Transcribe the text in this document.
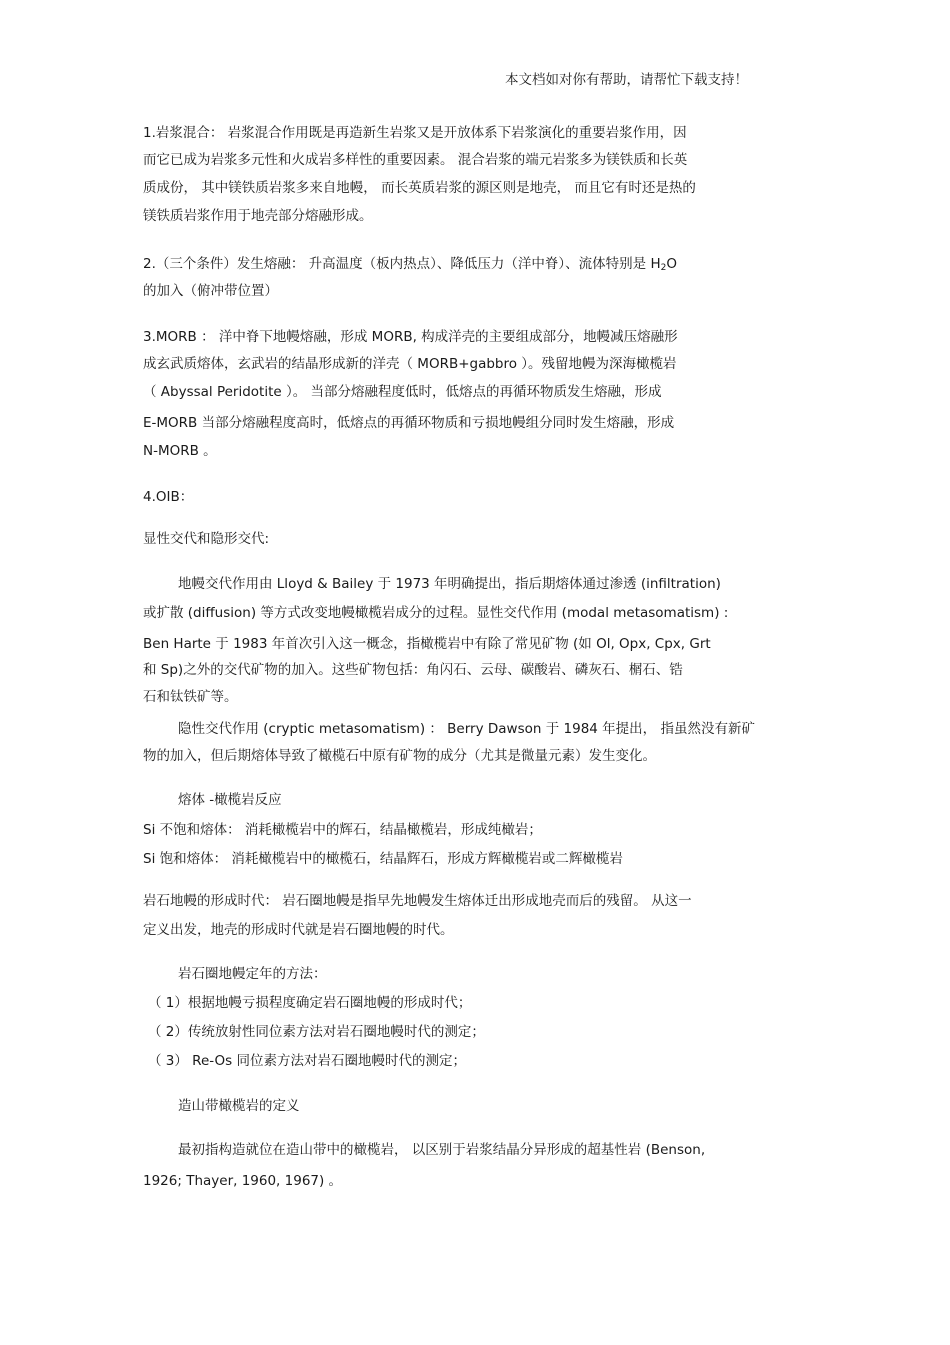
本文档如对你有帮助，请帮忙下载支持！
1.岩浆混合： 岩浆混合作用既是再造新生岩浆又是开放体系下岩浆演化的重要岩浆作用，因
而它已成为岩浆多元性和火成岩多样性的重要因素。 混合岩浆的端元岩浆多为镁铁质和长英
质成份， 其中镁铁质岩浆多来自地幔， 而长英质岩浆的源区则是地壳， 而且它有时还是热的
镁铁质岩浆作用于地壳部分熔融形成。
2.（三个条件）发生熔融： 升高温度（板内热点）、降低压力（洋中脊）、流体特别是 $H_2O$
的加入（俯冲带位置）
3.MORB ： 洋中脊下地幔熔融，形成 MORB, 构成洋壳的主要组成部分，地幔减压熔融形
成玄武质熔体，玄武岩的结晶形成新的洋壳（ MORB+gabbro ）。残留地幔为深海橄榄岩
（ Abyssal Peridotite ）。 当部分熔融程度低时，低熔点的再循环物质发生熔融，形成
E-MORB 当部分熔融程度高时，低熔点的再循环物质和亏损地幔组分同时发生熔融，形成
N-MORB 。
4.OIB：
显性交代和隐形交代:
地幔交代作用由 Lloyd & Bailey 于 1973 年明确提出，指后期熔体通过渗透 (infiltration)
或扩散 (diffusion) 等方式改变地幔橄榄岩成分的过程。显性交代作用 (modal metasomatism) :
Ben Harte 于 1983 年首次引入这一概念，指橄榄岩中有除了常见矿物 (如 Ol, Opx, Cpx, Grt
和 Sp)之外的交代矿物的加入。这些矿物包括：角闪石、云母、碳酸岩、磷灰石、榍石、锆
石和钛铁矿等。
隐性交代作用 (cryptic metasomatism) ： Berry Dawson 于 1984 年提出， 指虽然没有新矿
物的加入，但后期熔体导致了橄榄石中原有矿物的成分（尤其是微量元素）发生变化。
熔体 -橄榄岩反应
Si 不饱和熔体： 消耗橄榄岩中的辉石，结晶橄榄岩，形成纯橄岩；
Si 饱和熔体： 消耗橄榄岩中的橄榄石，结晶辉石，形成方辉橄榄岩或二辉橄榄岩
岩石地幔的形成时代： 岩石圈地幔是指早先地幔发生熔体迁出形成地壳而后的残留。 从这一
定义出发，地壳的形成时代就是岩石圈地幔的时代。
岩石圈地幔定年的方法：
（ 1）根据地幔亏损程度确定岩石圈地幔的形成时代；
（ 2）传统放射性同位素方法对岩石圈地幔时代的测定；
（ 3） Re-Os 同位素方法对岩石圈地幔时代的测定；
造山带橄榄岩的定义
最初指构造就位在造山带中的橄榄岩， 以区别于岩浆结晶分异形成的超基性岩 (Benson,
1926; Thayer, 1960, 1967) 。
